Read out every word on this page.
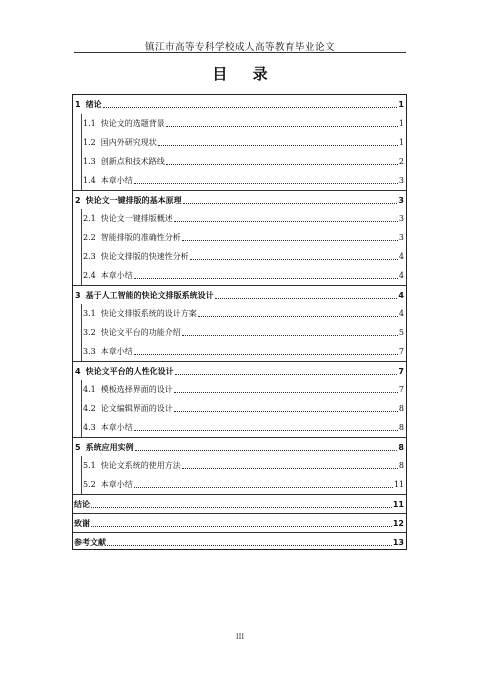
镇江市高等专科学校成人高等教育毕业论文
目 录
1 绪论	1
1.1 快论文的选题背景	1
1.2 国内外研究现状	1
1.3 创新点和技术路线	2
1.4 本章小结	3
2 快论文一键排版的基本原理	3
2.1 快论文一键排版概述	3
2.2 智能排版的准确性分析	3
2.3 快论文排版的快速性分析	4
2.4 本章小结	4
3 基于人工智能的快论文排版系统设计	4
3.1 快论文排版系统的设计方案	4
3.2 快论文平台的功能介绍	5
3.3 本章小结	7
4 快论文平台的人性化设计	7
4.1 模板选择界面的设计	7
4.2 论文编辑界面的设计	8
4.3 本章小结	8
5 系统应用实例	8
5.1 快论文系统的使用方法	8
5.2 本章小结	11
结论	11
致谢	12
参考文献	13
III
